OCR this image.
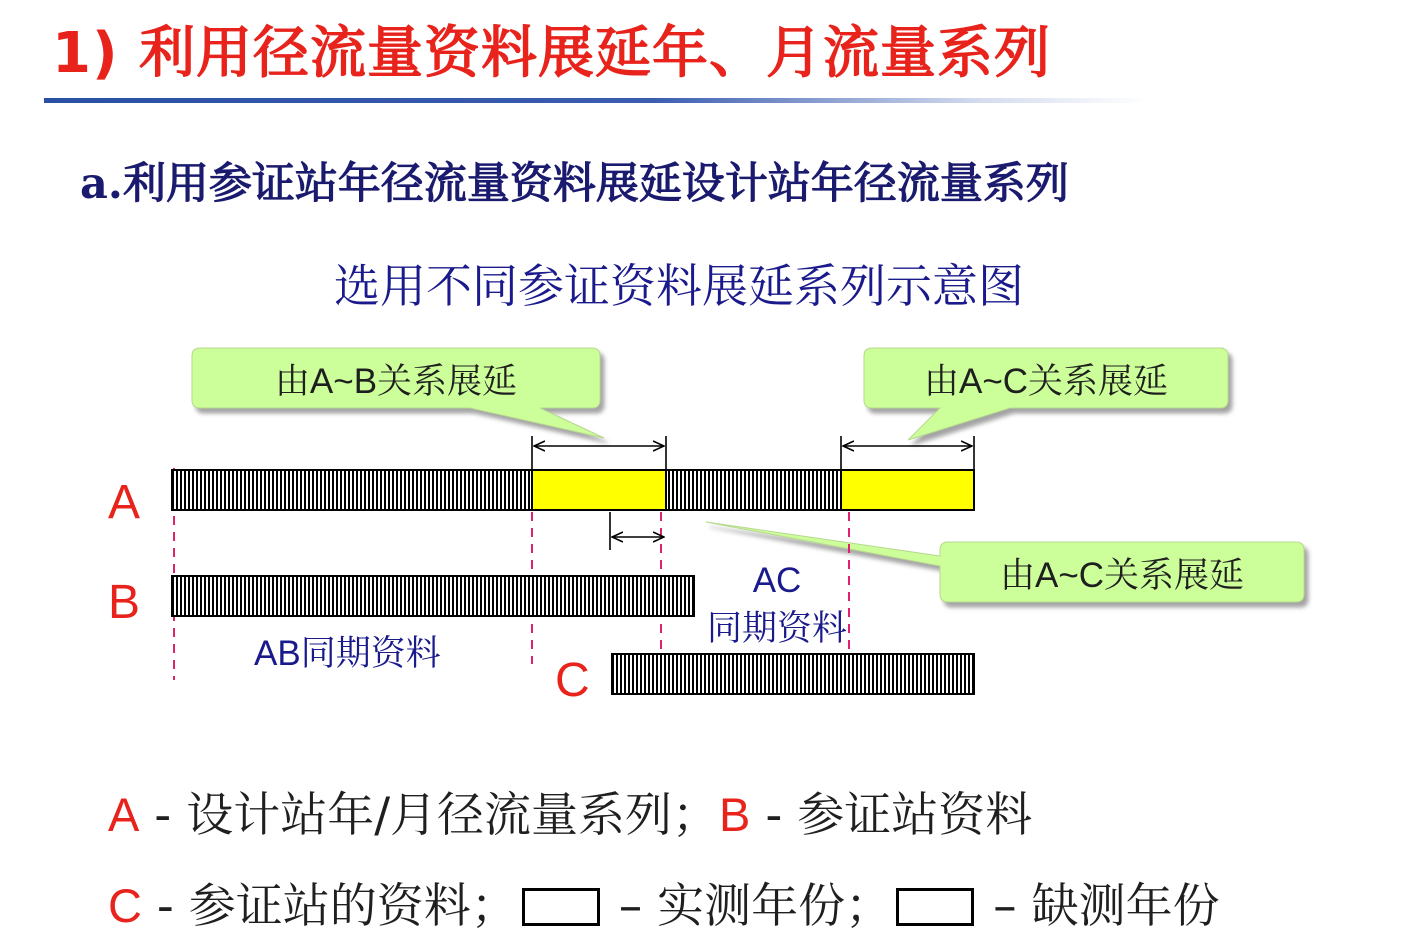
1) 利用径流量资料展延年、月流量系列
a.利用参证站年径流量资料展延设计站年径流量系列
选用不同参证资料展延系列示意图
由A~B关系展延	由A~C关系展延
由A~C关系展延
A
B
C
AB同期资料
AC
同期资料
A - 设计站年/月径流量系列；B - 参证站资料
C - 参证站的资料； – 实测年份； – 缺测年份
